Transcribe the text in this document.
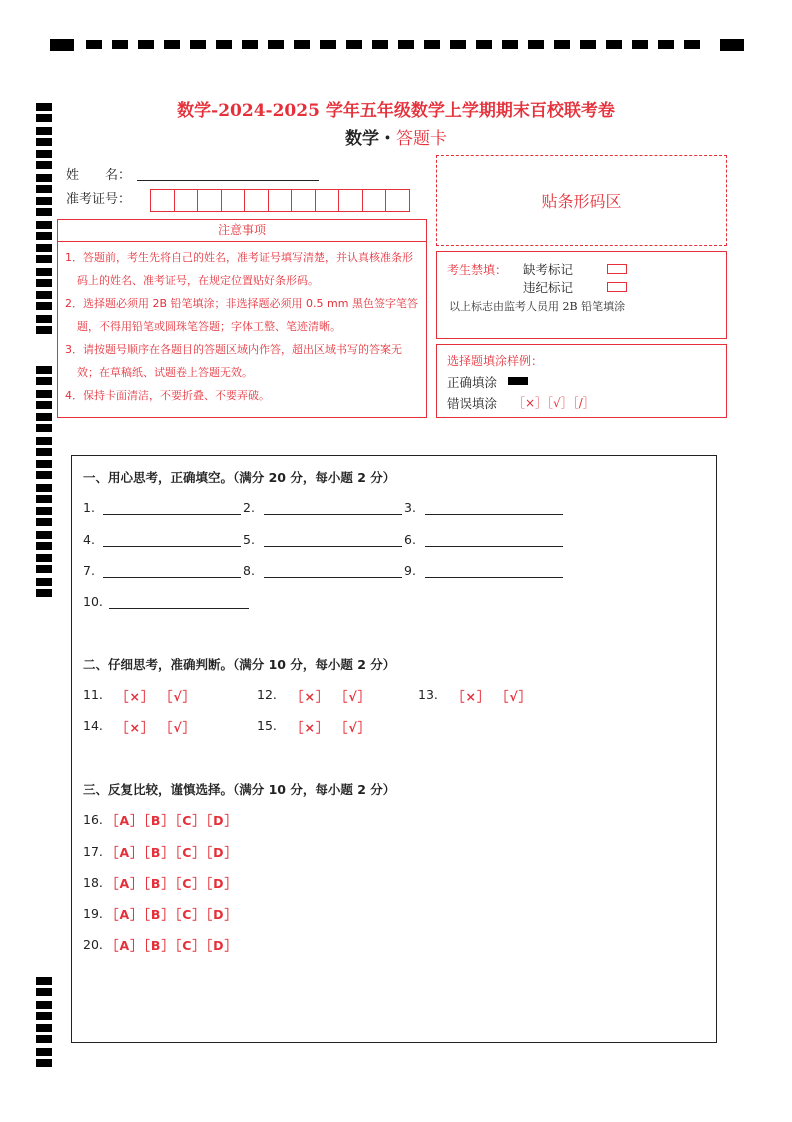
数学-2024-2025 学年五年级数学上学期期末百校联考卷
数学・答题卡
姓　　名：
准考证号：	贴条形码区
注意事项
1．答题前，考生先将自己的姓名，准考证号填写清楚，并认真核准条形码上的姓名、准考证号，在规定位置贴好条形码。
2．选择题必须用 2B 铅笔填涂；非选择题必须用 0.5 mm 黑色签字笔答题，不得用铅笔或圆珠笔答题；字体工整、笔迹清晰。
3．请按题号顺序在各题目的答题区域内作答，超出区域书写的答案无效；在草稿纸、试题卷上答题无效。
4．保持卡面清洁，不要折叠、不要弄破。
考生禁填： 缺考标记
违纪标记
以上标志由监考人员用 2B 铅笔填涂
选择题填涂样例：
正确填涂
错误填涂 ［×］［√］［/］
一、用心思考，正确填空。（满分 20 分，每小题 2 分）
1.	2.	3.
4.	5.	6.
7.	8.	9.
10.
二、仔细思考，准确判断。（满分 10 分，每小题 2 分）
11. ［×］ ［√］	12. ［×］ ［√］	13. ［×］ ［√］
14. ［×］ ［√］	15. ［×］ ［√］
三、反复比较，谨慎选择。（满分 10 分，每小题 2 分）
16. ［A］［B］［C］［D］
17. ［A］［B］［C］［D］
18. ［A］［B］［C］［D］
19. ［A］［B］［C］［D］
20. ［A］［B］［C］［D］
